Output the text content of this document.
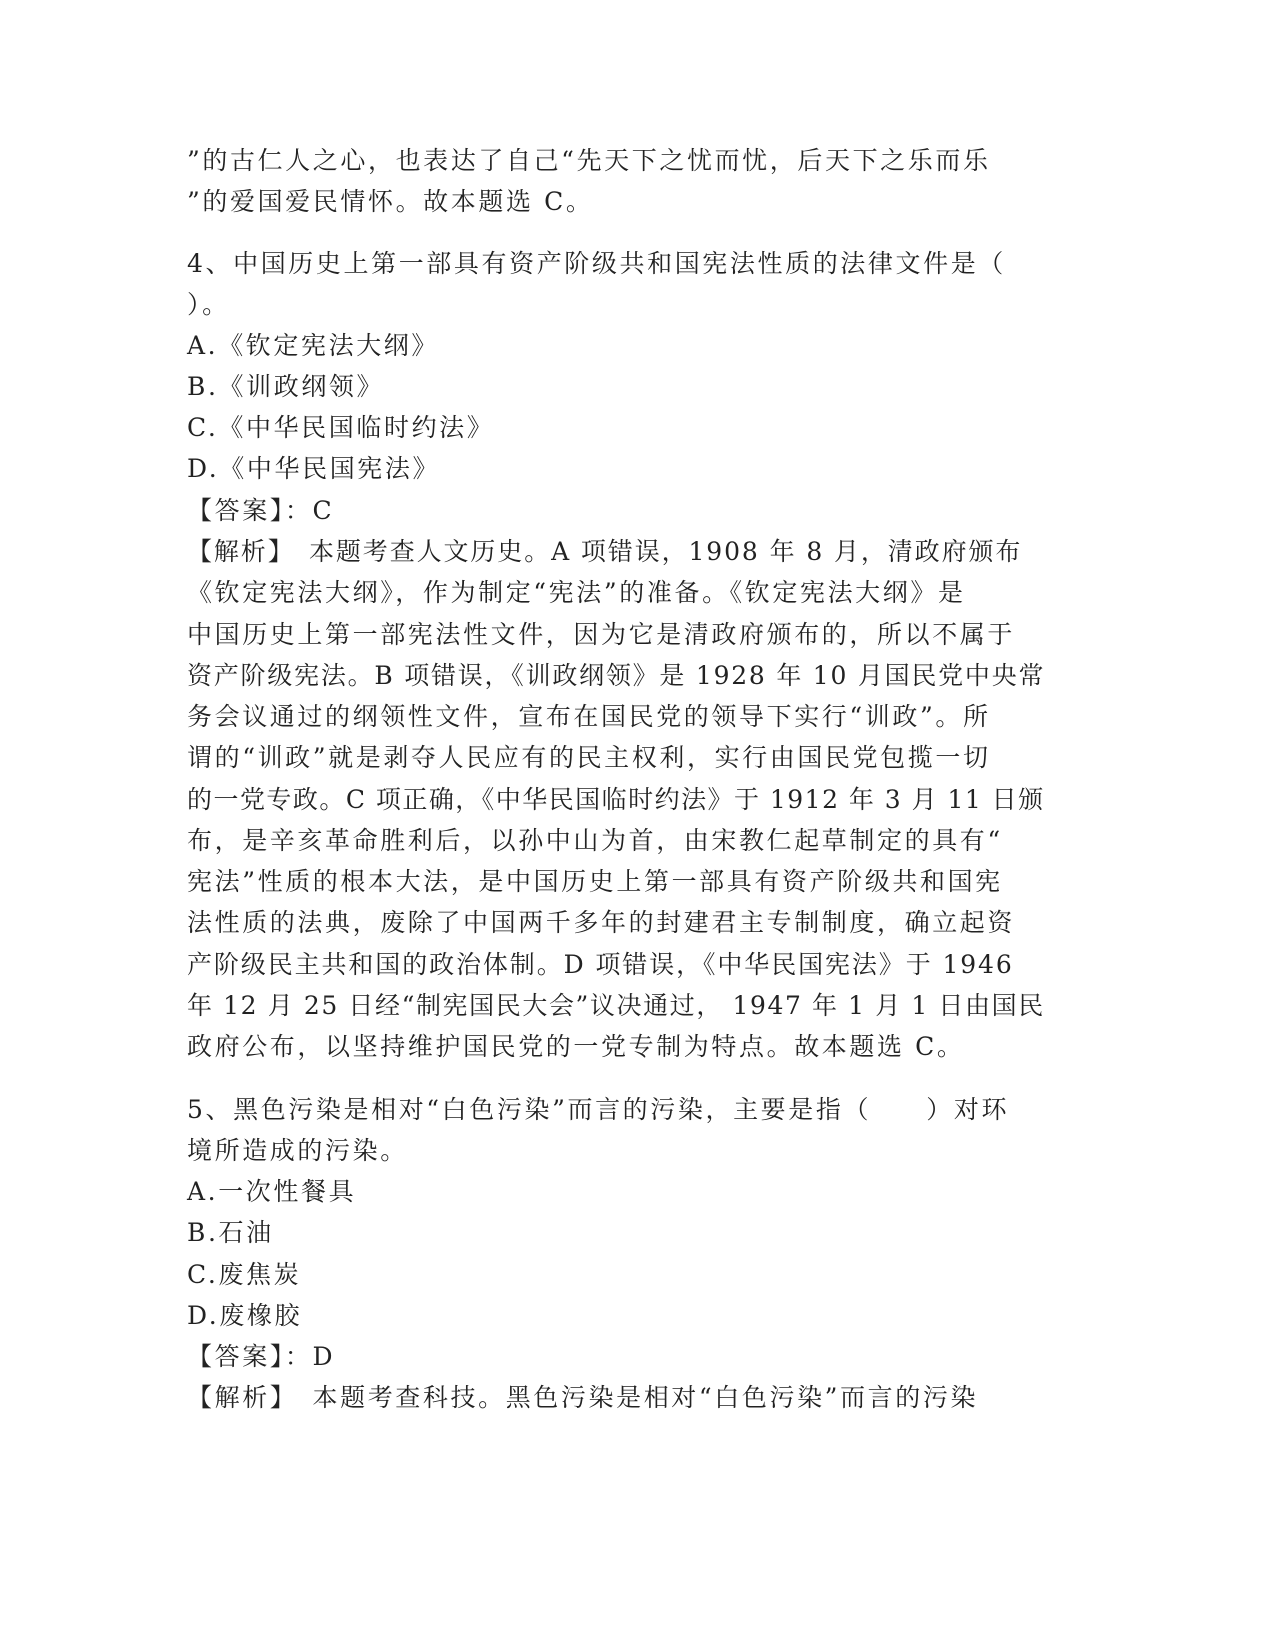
”的古仁人之心，也表达了自己“先天下之忧而忧，后天下之乐而乐
”的爱国爱民情怀。故本题选 C。
4、中国历史上第一部具有资产阶级共和国宪法性质的法律文件是（
）。
A.《钦定宪法大纲》
B.《训政纲领》
C.《中华民国临时约法》
D.《中华民国宪法》
【答案】：C
【解析】　本题考查人文历史。A 项错误，1908 年 8 月，清政府颁布
《钦定宪法大纲》，作为制定“宪法”的准备。《钦定宪法大纲》是
中国历史上第一部宪法性文件，因为它是清政府颁布的，所以不属于
资产阶级宪法。B 项错误，《训政纲领》是 1928 年 10 月国民党中央常
务会议通过的纲领性文件，宣布在国民党的领导下实行“训政”。所
谓的“训政”就是剥夺人民应有的民主权利，实行由国民党包揽一切
的一党专政。C 项正确，《中华民国临时约法》于 1912 年 3 月 11 日颁
布，是辛亥革命胜利后，以孙中山为首，由宋教仁起草制定的具有“
宪法”性质的根本大法，是中国历史上第一部具有资产阶级共和国宪
法性质的法典，废除了中国两千多年的封建君主专制制度，确立起资
产阶级民主共和国的政治体制。D 项错误，《中华民国宪法》于 1946
年 12 月 25 日经“制宪国民大会”议决通过， 1947 年 1 月 1 日由国民
政府公布，以坚持维护国民党的一党专制为特点。故本题选 C。
5、黑色污染是相对“白色污染”而言的污染，主要是指（　　）对环
境所造成的污染。
A.一次性餐具
B.石油
C.废焦炭
D.废橡胶
【答案】：D
【解析】　本题考查科技。黑色污染是相对“白色污染”而言的污染
